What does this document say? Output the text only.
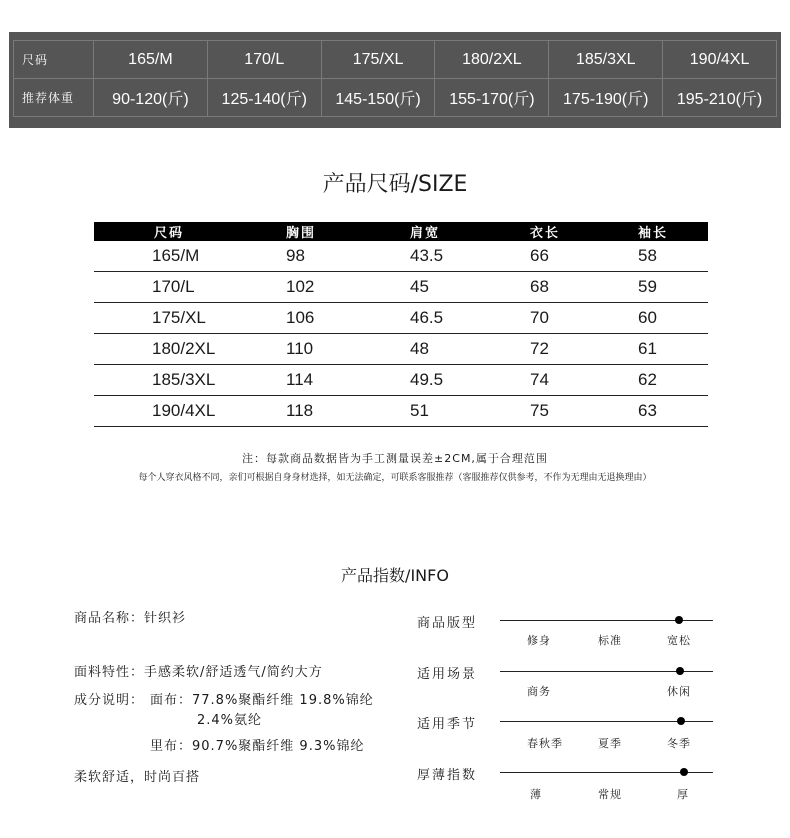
尺码	165/M	170/L	175/XL	180/2XL	185/3XL	190/4XL
推荐体重	90-120(斤)	125-140(斤)	145-150(斤)	155-170(斤)	175-190(斤)	195-210(斤)
产品尺码/SIZE
尺码	胸围	肩宽	衣长	袖长
165/M	98	43.5	66	58
170/L	102	45	68	59
175/XL	106	46.5	70	60
180/2XL	110	48	72	61
185/3XL	114	49.5	74	62
190/4XL	118	51	75	63
注：每款商品数据皆为手工测量误差±2CM,属于合理范围
每个人穿衣风格不同，亲们可根据自身身材选择，如无法确定，可联系客服推荐（客服推荐仅供参考，不作为无理由无退换理由）
产品指数/INFO
商品名称：针织衫
面料特性：手感柔软/舒适透气/简约大方
成分说明： 面布：77.8%聚酯纤维 19.8%锦纶
2.4%氨纶
里布：90.7%聚酯纤维 9.3%锦纶
柔软舒适，时尚百搭
商品版型
修身	标准	宽松
适用场景
商务	休闲
适用季节
春秋季	夏季	冬季
厚薄指数
薄	常规	厚
